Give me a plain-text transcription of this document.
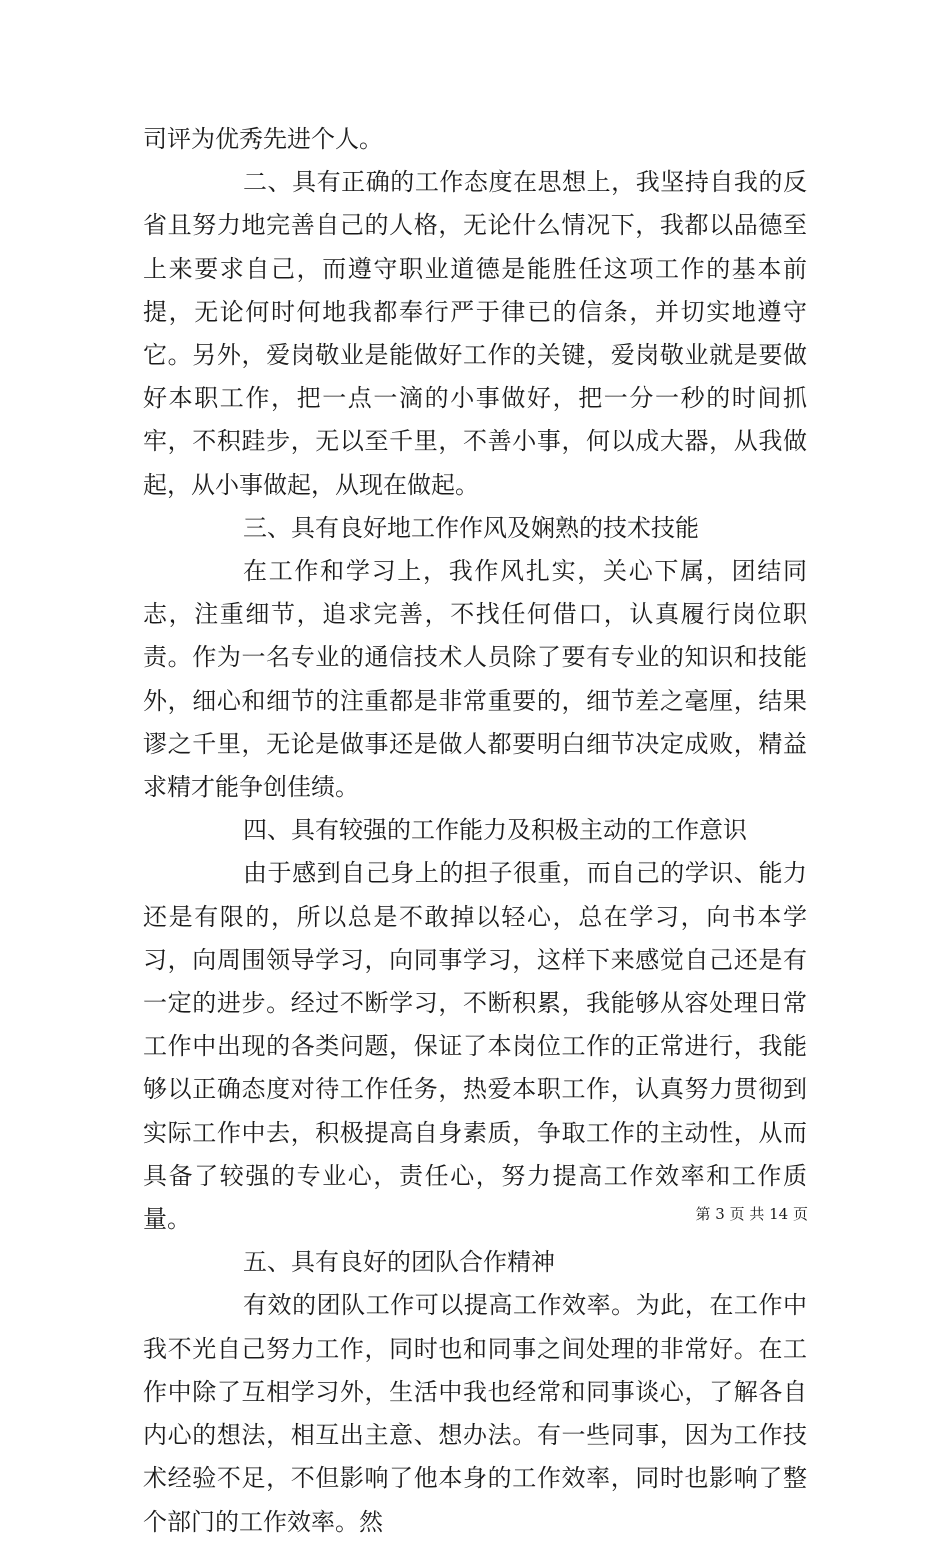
司评为优秀先进个人。

二、具有正确的工作态度在思想上，我坚持自我的反省且努力地完善自己的人格，无论什么情况下，我都以品德至上来要求自己，而遵守职业道德是能胜任这项工作的基本前提，无论何时何地我都奉行严于律已的信条，并切实地遵守它。另外，爱岗敬业是能做好工作的关键，爱岗敬业就是要做好本职工作，把一点一滴的小事做好，把一分一秒的时间抓牢，不积跬步，无以至千里，不善小事，何以成大器，从我做起，从小事做起，从现在做起。

三、具有良好地工作作风及娴熟的技术技能

在工作和学习上，我作风扎实，关心下属，团结同志，注重细节，追求完善，不找任何借口，认真履行岗位职责。作为一名专业的通信技术人员除了要有专业的知识和技能外，细心和细节的注重都是非常重要的，细节差之毫厘，结果谬之千里，无论是做事还是做人都要明白细节决定成败，精益求精才能争创佳绩。

四、具有较强的工作能力及积极主动的工作意识

由于感到自己身上的担子很重，而自己的学识、能力还是有限的，所以总是不敢掉以轻心，总在学习，向书本学习，向周围领导学习，向同事学习，这样下来感觉自己还是有一定的进步。经过不断学习，不断积累，我能够从容处理日常工作中出现的各类问题，保证了本岗位工作的正常进行，我能够以正确态度对待工作任务，热爱本职工作，认真努力贯彻到实际工作中去，积极提高自身素质，争取工作的主动性，从而具备了较强的专业心，责任心，努力提高工作效率和工作质量。

五、具有良好的团队合作精神

有效的团队工作可以提高工作效率。为此，在工作中我不光自己努力工作，同时也和同事之间处理的非常好。在工作中除了互相学习外，生活中我也经常和同事谈心，了解各自内心的想法，相互出主意、想办法。有一些同事，因为工作技术经验不足，不但影响了他本身的工作效率，同时也影响了整个部门的工作效率。然

第 3 页 共 14 页
